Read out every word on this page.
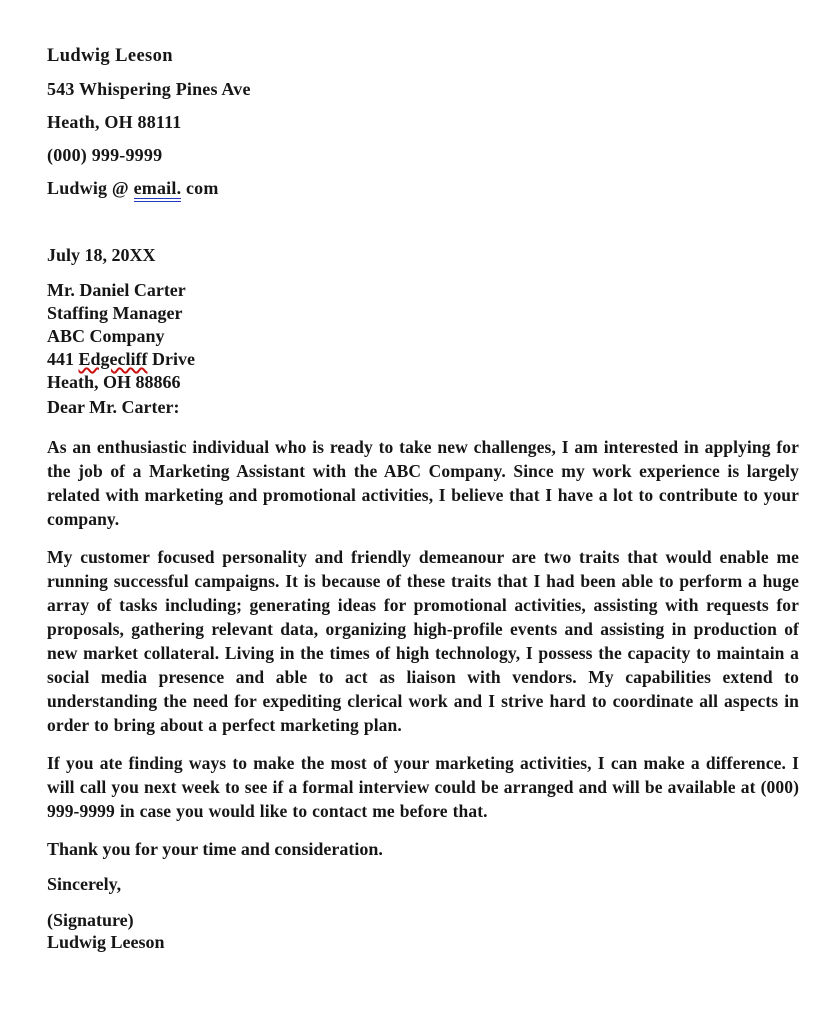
Ludwig Leeson
543 Whispering Pines Ave
Heath, OH 88111
(000) 999-9999
Ludwig @ email. com
July 18, 20XX
Mr. Daniel Carter
Staffing Manager
ABC Company
441 Edgecliff Drive
Heath, OH 88866
Dear Mr. Carter:

As an enthusiastic individual who is ready to take new challenges, I am interested in applying for the job of a Marketing Assistant with the ABC Company. Since my work experience is largely related with marketing and promotional activities, I believe that I have a lot to contribute to your company.

My customer focused personality and friendly demeanour are two traits that would enable me running successful campaigns. It is because of these traits that I had been able to perform a huge array of tasks including; generating ideas for promotional activities, assisting with requests for proposals, gathering relevant data, organizing high-profile events and assisting in production of new market collateral. Living in the times of high technology, I possess the capacity to maintain a social media presence and able to act as liaison with vendors. My capabilities extend to understanding the need for expediting clerical work and I strive hard to coordinate all aspects in order to bring about a perfect marketing plan.

If you ate finding ways to make the most of your marketing activities, I can make a difference. I will call you next week to see if a formal interview could be arranged and will be available at (000) 999-9999 in case you would like to contact me before that.

Thank you for your time and consideration.
Sincerely,
(Signature)
Ludwig Leeson
